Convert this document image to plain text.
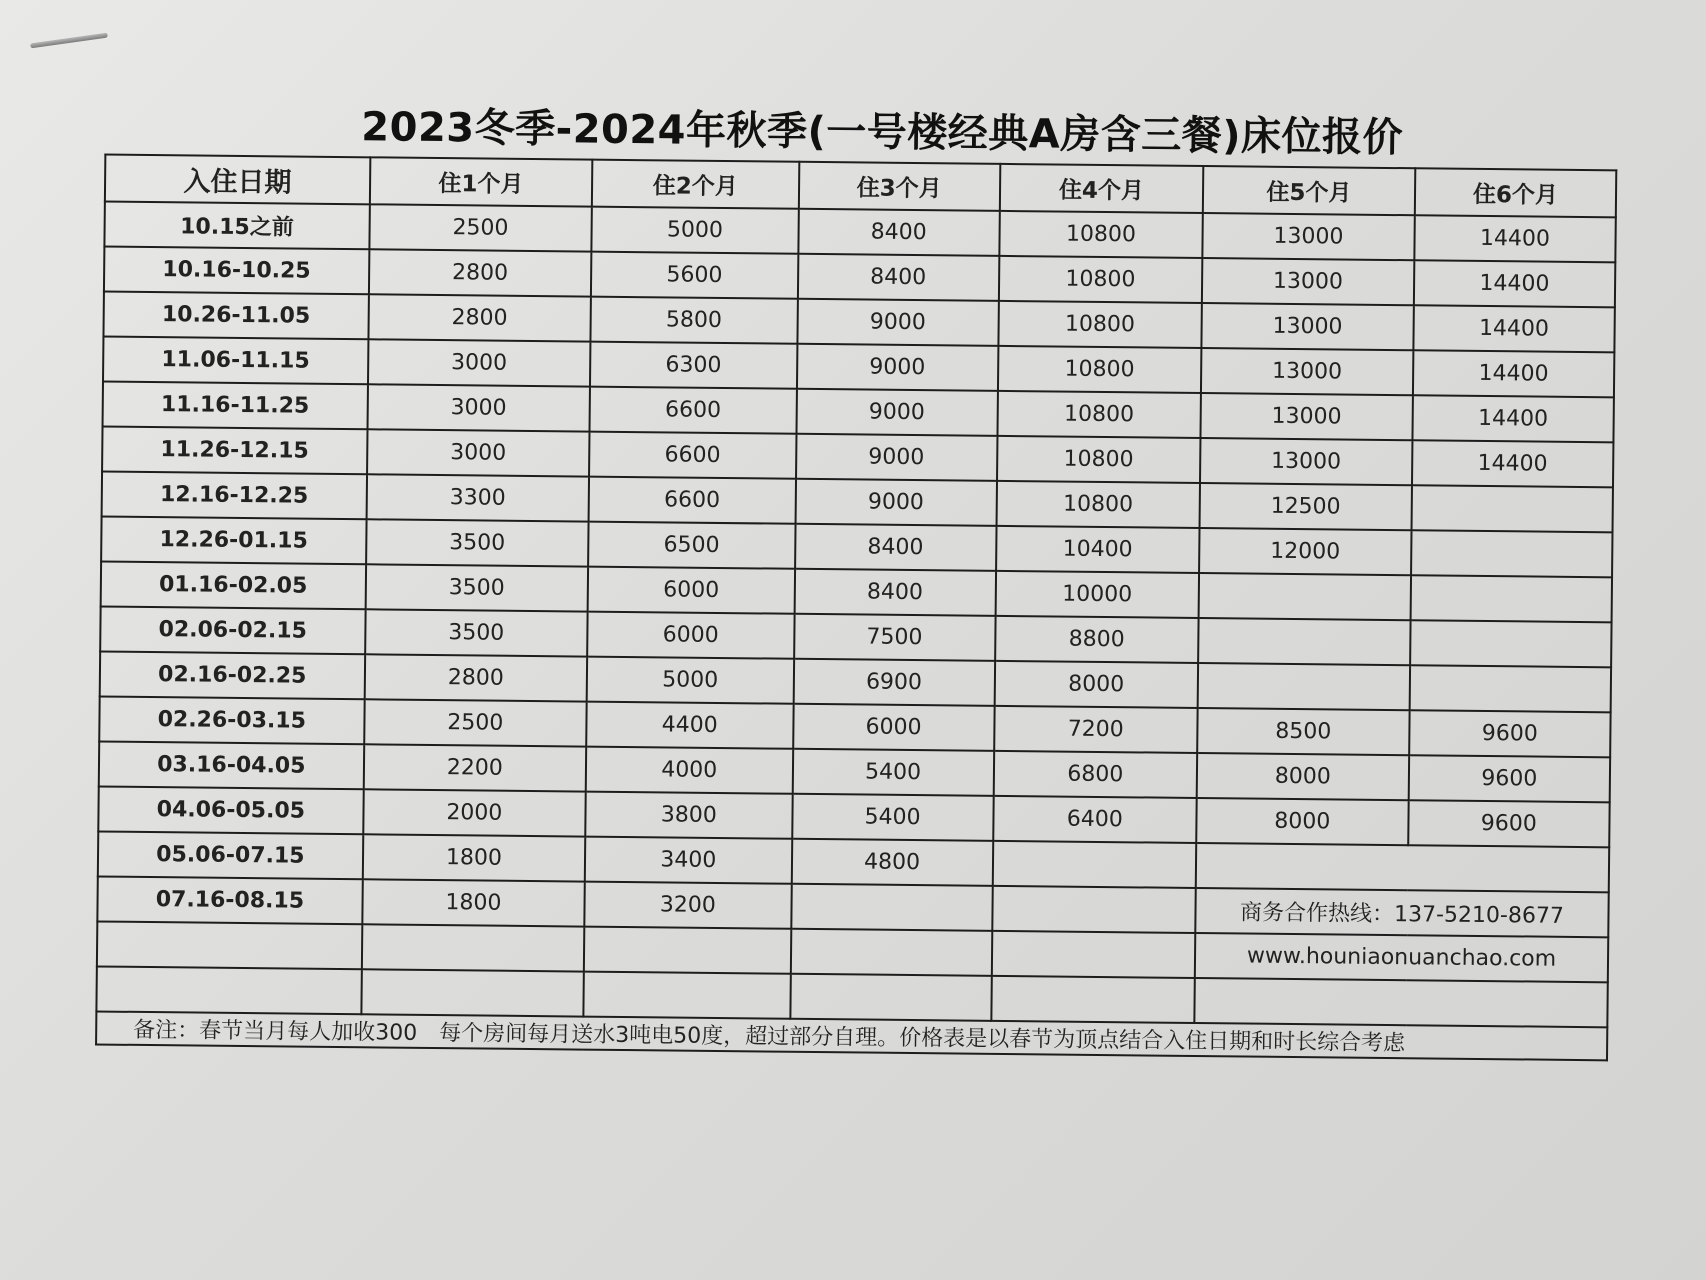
2023冬季-2024年秋季(一号楼经典A房含三餐)床位报价
入住日期	住1个月	住2个月	住3个月	住4个月	住5个月	住6个月
10.15之前	2500	5000	8400	10800	13000	14400
10.16-10.25	2800	5600	8400	10800	13000	14400
10.26-11.05	2800	5800	9000	10800	13000	14400
11.06-11.15	3000	6300	9000	10800	13000	14400
11.16-11.25	3000	6600	9000	10800	13000	14400
11.26-12.15	3000	6600	9000	10800	13000	14400
12.16-12.25	3300	6600	9000	10800	12500	
12.26-01.15	3500	6500	8400	10400	12000	
01.16-02.05	3500	6000	8400	10000		
02.06-02.15	3500	6000	7500	8800		
02.16-02.25	2800	5000	6900	8000		
02.26-03.15	2500	4400	6000	7200	8500	9600
03.16-04.05	2200	4000	5400	6800	8000	9600
04.06-05.05	2000	3800	5400	6400	8000	9600
05.06-07.15	1800	3400	4800			
07.16-08.15	1800	3200			商务合作热线：137-5210-8677	
					www.houniaonuanchao.com	

备注：春节当月每人加收300　每个房间每月送水3吨电50度，超过部分自理。价格表是以春节为顶点结合入住日期和时长综合考虑						
